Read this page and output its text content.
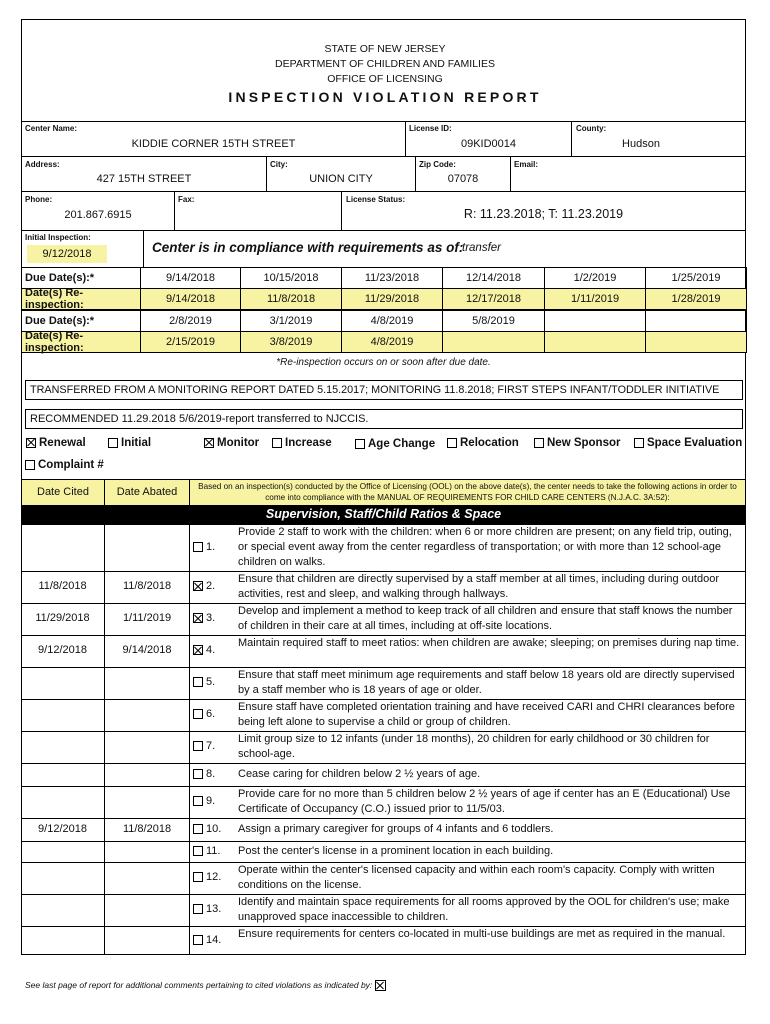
STATE OF NEW JERSEY
DEPARTMENT OF CHILDREN AND FAMILIES
OFFICE OF LICENSING
INSPECTION VIOLATION REPORT
Center Name:
KIDDIE CORNER 15TH STREET
License ID:
09KID0014
County:
Hudson
Address:
427 15TH STREET
City:
UNION CITY
Zip Code:
07078
Email:
Phone:
201.867.6915
Fax:	License Status:
R: 11.23.2018; T: 11.23.2019
Initial Inspection:
9/12/2018	Center is in compliance with requirements as of:
transfer
Due Date(s):*	9/14/2018	10/15/2018	11/23/2018	12/14/2018	1/2/2019	1/25/2019
Date(s) Re-inspection:	9/14/2018	11/8/2018	11/29/2018	12/17/2018	1/11/2019	1/28/2019
Due Date(s):*	2/8/2019	3/1/2019	4/8/2019	5/8/2019
Date(s) Re-inspection:	2/15/2019	3/8/2019	4/8/2019
*Re-inspection occurs on or soon after due date.
TRANSFERRED FROM A MONITORING REPORT DATED 5.15.2017; MONITORING 11.8.2018; FIRST STEPS INFANT/TODDLER INITIATIVE
RECOMMENDED 11.29.2018 5/6/2019-report transferred to NJCCIS.
Renewal	Initial	Monitor	Increase	Age Change	Relocation	New Sponsor	Space Evaluation
Complaint #
Date Cited	Date Abated	Based on an inspection(s) conducted by the Office of Licensing (OOL) on the above date(s), the center needs to take the following actions in order to come into compliance with the MANUAL OF REQUIREMENTS FOR CHILD CARE CENTERS (N.J.A.C. 3A:52):
Supervision, Staff/Child Ratios & Space
1.
Provide 2 staff to work with the children: when 6 or more children are present; on any field trip, outing, or special event away from the center regardless of transportation; or with more than 12 school-age children on walks.
11/8/2018	11/8/2018	2.
Ensure that children are directly supervised by a staff member at all times, including during outdoor activities, rest and sleep, and walking through hallways.
11/29/2018	1/11/2019	3.
Develop and implement a method to keep track of all children and ensure that staff knows the number of children in their care at all times, including at off-site locations.
9/12/2018	9/14/2018	4.
Maintain required staff to meet ratios: when children are awake; sleeping; on premises during nap time.
5.
Ensure that staff meet minimum age requirements and staff below 18 years old are directly supervised by a staff member who is 18 years of age or older.
6.
Ensure staff have completed orientation training and have received CARI and CHRI clearances before being left alone to supervise a child or group of children.
7.
Limit group size to 12 infants (under 18 months), 20 children for early childhood or 30 children for school-age.
8. Cease caring for children below 2 ½ years of age.
9.
Provide care for no more than 5 children below 2 ½ years of age if center has an E (Educational) Use Certificate of Occupancy (C.O.) issued prior to 11/5/03.
9/12/2018	11/8/2018	10. Assign a primary caregiver for groups of 4 infants and 6 toddlers.
11. Post the center's license in a prominent location in each building.
12.
Operate within the center's licensed capacity and within each room's capacity. Comply with written conditions on the license.
13.
Identify and maintain space requirements for all rooms approved by the OOL for children's use; make unapproved space inaccessible to children.
14. Ensure requirements for centers co-located in multi-use buildings are met as required in the manual.
See last page of report for additional comments pertaining to cited violations as indicated by:
